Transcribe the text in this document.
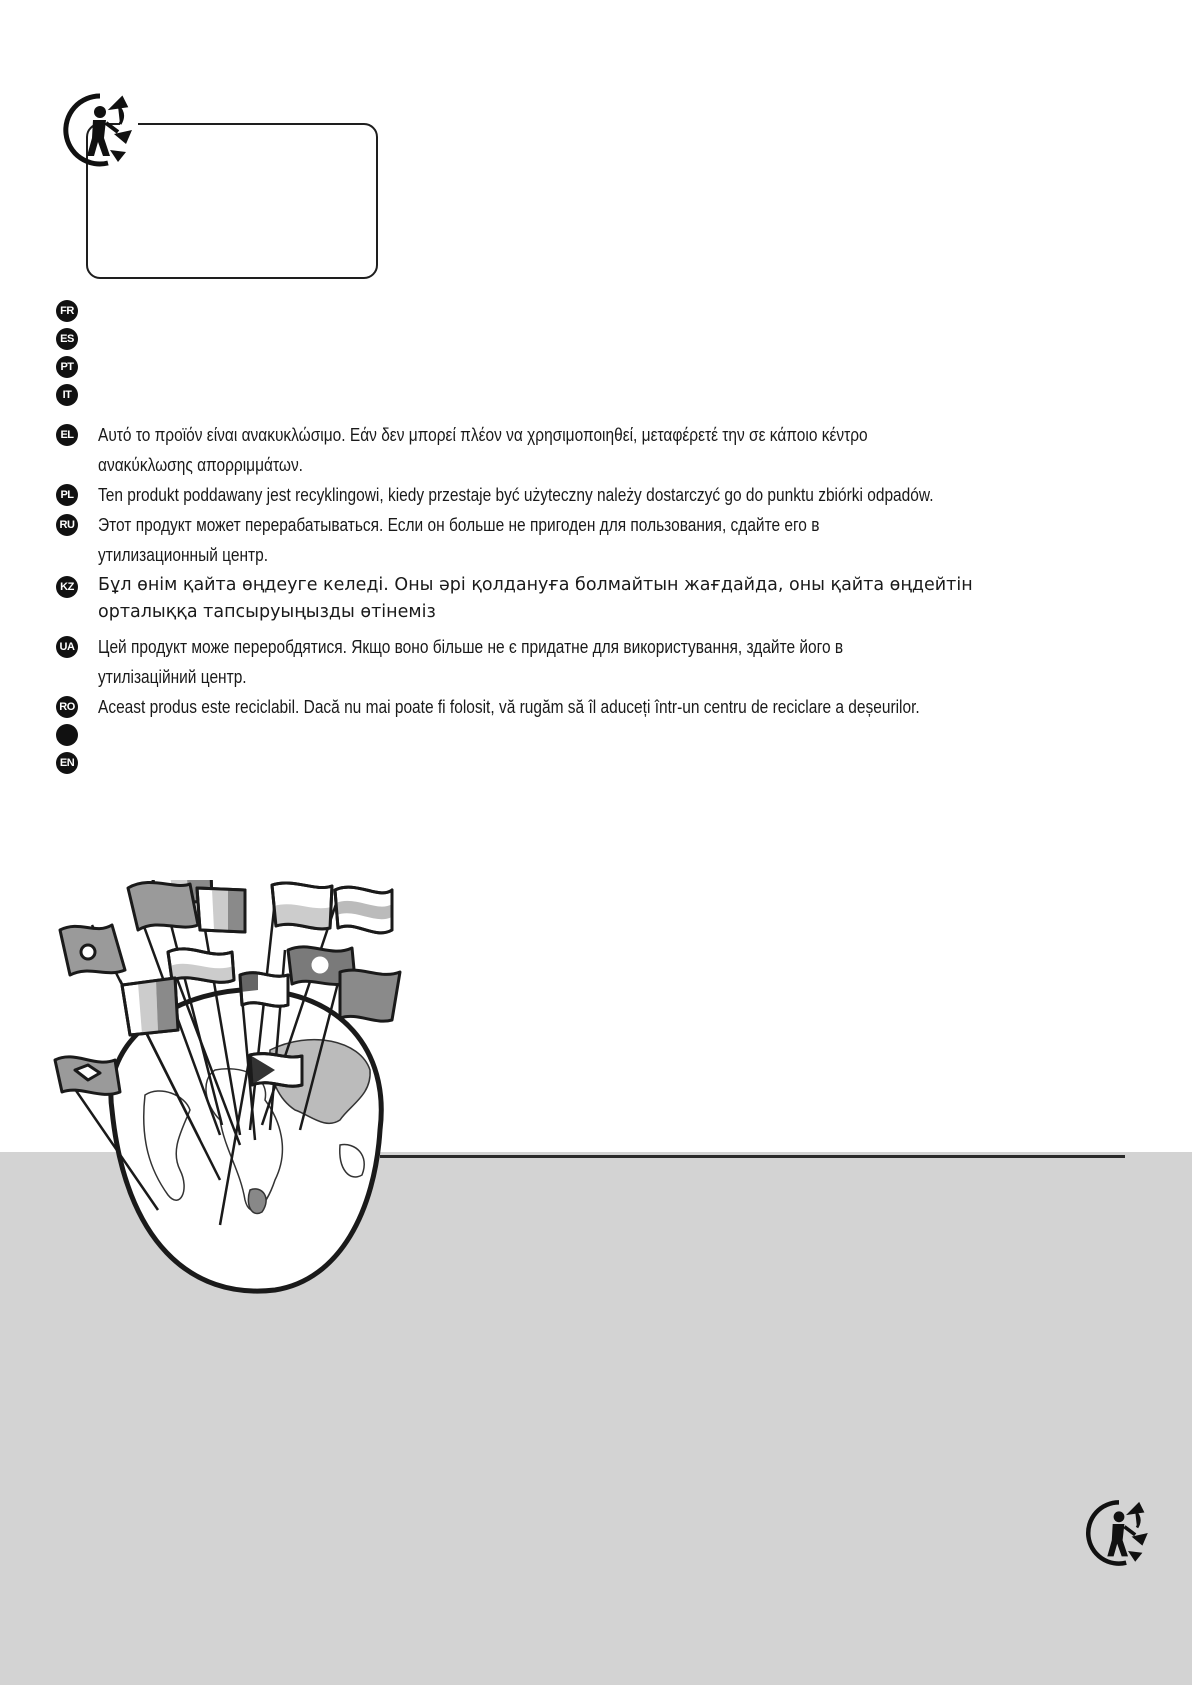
FR
ES
PT
IT
EL Αυτό το προϊόν είναι ανακυκλώσιμο. Εάν δεν μπορεί πλέον να χρησιμοποιηθεί, μεταφέρετέ την σε κάποιο κέντρο ανακύκλωσης απορριμμάτων.
PL Ten produkt poddawany jest recyklingowi, kiedy przestaje być użyteczny należy dostarczyć go do punktu zbiórki odpadów.
RU Этот продукт может перерабатываться. Если он больше не пригоден для пользования, сдайте его в утилизационный центр.
KZ Бұл өнім қайта өңдеуге келеді. Оны әрі қолдануға болмайтын жағдайда, оны қайта өңдейтін орталыққа тапсыруыңызды өтінеміз
UA Цей продукт може переробдятися. Якщо воно більше не є придатне для використування, здайте його в утилізаційний центр.
RO Aceast produs este reciclabil. Dacă nu mai poate fi folosit, vă rugăm să îl aduceți într-un centru de reciclare a deșeurilor.
EN
